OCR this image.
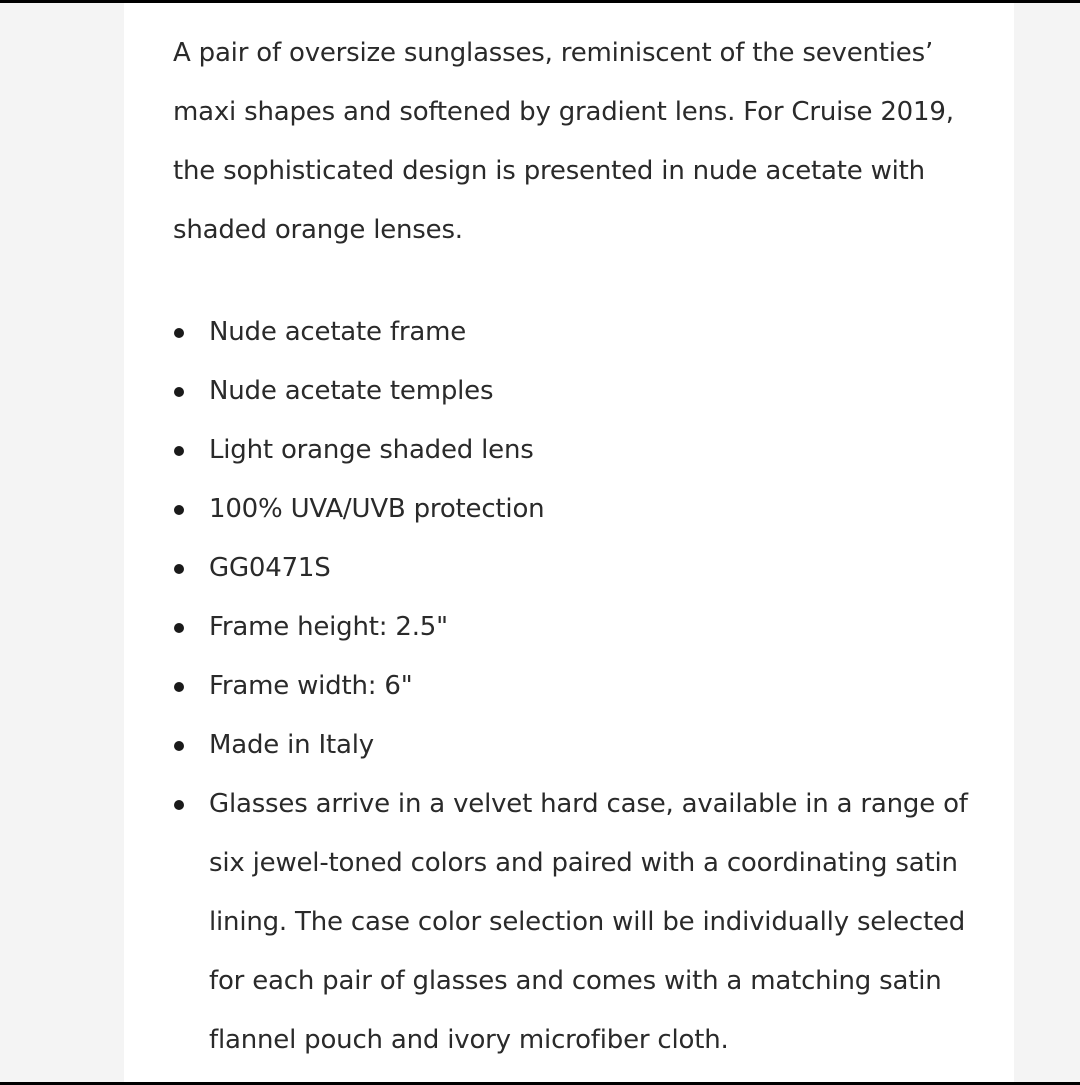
A pair of oversize sunglasses, reminiscent of the seventies’ maxi shapes and softened by gradient lens. For Cruise 2019, the sophisticated design is presented in nude acetate with shaded orange lenses.

Nude acetate frame
Nude acetate temples
Light orange shaded lens
100% UVA/UVB protection
GG0471S
Frame height: 2.5"
Frame width: 6"
Made in Italy
Glasses arrive in a velvet hard case, available in a range of six jewel-toned colors and paired with a coordinating satin lining. The case color selection will be individually selected for each pair of glasses and comes with a matching satin flannel pouch and ivory microfiber cloth.
